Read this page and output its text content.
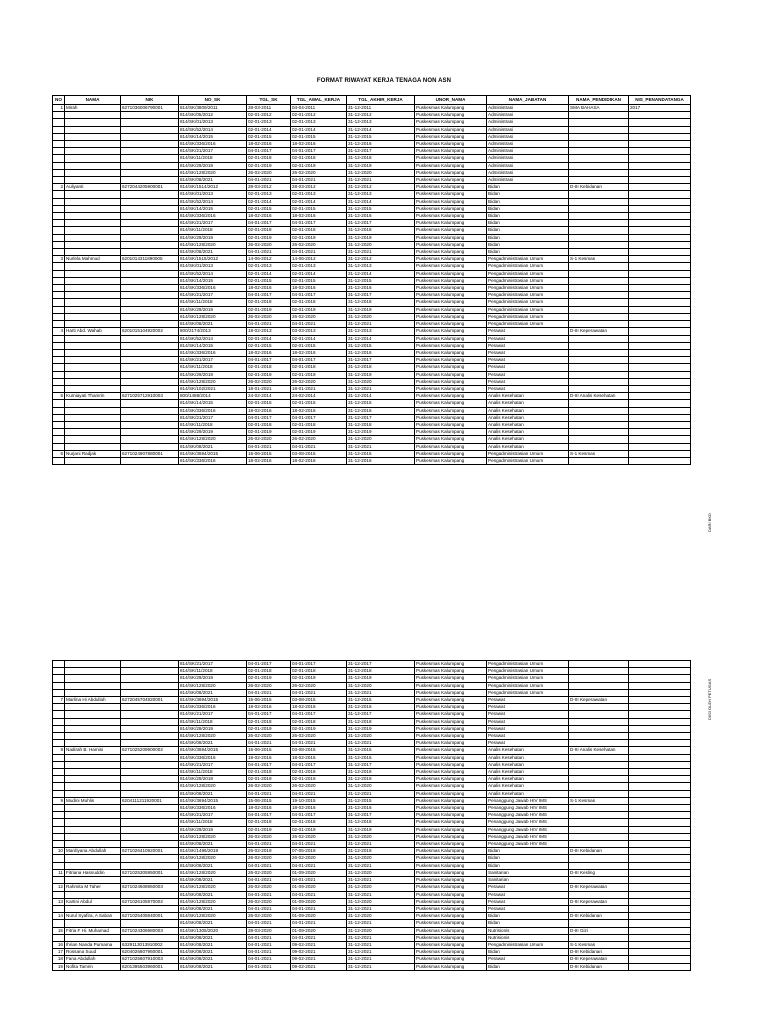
FORMAT RIWAYAT KERJA TENAGA NON ASN
NO	NAMA	NIK	NO_SK	TGL_SK	TGL_AWAL_KERJA	TGL_AKHIR_KERJA	UNOR_NAMA	NAMA_JABATAN	NAMA_PENDIDIKAN	NIS_PENANDATANGA
1	Mirah	6271036006790001	814/SK/3809/2011	28-03-2011	04-04-2011	31-12-2011	Puskesmas Kalumpang	Administrasi	SMA BAHASA	2017
			814/SK/05/2012	02-01-2012	02-01-2012	31-12-2012	Puskesmas Kalumpang	Administrasi		
			814/SK/01/2013	02-01-2013	02-01-2013	31-12-2013	Puskesmas Kalumpang	Administrasi		
			814/SK/52/2014	02-01-2014	02-01-2014	31-12-2014	Puskesmas Kalumpang	Administrasi		
			814/SK/14/2015	02-01-2015	02-01-2015	31-12-2015	Puskesmas Kalumpang	Administrasi		
			814/SK/336/2016	18-02-2016	18-02-2016	31-12-2016	Puskesmas Kalumpang	Administrasi		
			814/SK/21/2017	04-01-2017	04-01-2017	31-12-2017	Puskesmas Kalumpang	Administrasi		
			814/SK/11/2018	02-01-2018	02-01-2018	31-12-2018	Puskesmas Kalumpang	Administrasi		
			814/SK/29/2019	02-01-2019	02-01-2019	31-12-2019	Puskesmas Kalumpang	Administrasi		
			814/SK/128/2020	26-02-2020	26-02-2020	31-12-2020	Puskesmas Kalumpang	Administrasi		
			814/SK/08/2021	04-01-2021	04-01-2021	31-12-2021	Puskesmas Kalumpang	Administrasi		
2	Auliyanti	6272044205900001	814/SK/1514/2012	28-03-2012	28-03-2012	31-12-2012	Puskesmas Kalumpang	Bidan	D-III Kebidanan	
			814/SK/01/2013	02-01-2013	02-01-2013	31-12-2013	Puskesmas Kalumpang	Bidan		
			814/SK/52/2014	02-01-2014	02-01-2014	31-12-2014	Puskesmas Kalumpang	Bidan		
			814/SK/14/2015	02-01-2015	02-01-2015	31-12-2015	Puskesmas Kalumpang	Bidan		
			814/SK/336/2016	18-02-2016	18-02-2016	31-12-2016	Puskesmas Kalumpang	Bidan		
			814/SK/21/2017	04-01-2017	04-01-2017	31-12-2017	Puskesmas Kalumpang	Bidan		
			814/SK/11/2018	02-01-2018	02-01-2018	31-12-2018	Puskesmas Kalumpang	Bidan		
			814/SK/29/2019	02-01-2019	02-01-2019	31-12-2019	Puskesmas Kalumpang	Bidan		
			814/SK/128/2020	26-02-2020	26-02-2020	31-12-2020	Puskesmas Kalumpang	Bidan		
			814/SK/08/2021	04-01-2021	04-01-2021	31-12-2021	Puskesmas Kalumpang	Bidan		
3	Nurlela Mahmud	6201014311890005	814/SK/1515/2012	14-06-2012	14-06-2012	31-12-2012	Puskesmas Kalumpang	Pengadministrasian Umum	S-1 Kesmas	
			814/SK/01/2013	02-01-2013	02-01-2013	31-12-2013	Puskesmas Kalumpang	Pengadministrasian Umum		
			814/SK/52/2014	02-01-2014	02-01-2014	31-12-2014	Puskesmas Kalumpang	Pengadministrasian Umum		
			814/SK/14/2015	02-01-2015	02-01-2015	31-12-2015	Puskesmas Kalumpang	Pengadministrasian Umum		
			814/SK/336/2016	18-02-2016	18-02-2016	31-12-2016	Puskesmas Kalumpang	Pengadministrasian Umum		
			814/SK/21/2017	04-01-2017	04-01-2017	31-12-2017	Puskesmas Kalumpang	Pengadministrasian Umum		
			814/SK/11/2018	02-01-2018	02-01-2018	31-12-2018	Puskesmas Kalumpang	Pengadministrasian Umum		
			814/SK/29/2019	02-01-2019	02-01-2019	31-12-2019	Puskesmas Kalumpang	Pengadministrasian Umum		
			814/SK/128/2020	26-02-2020	26-02-2020	31-12-2020	Puskesmas Kalumpang	Pengadministrasian Umum		
			814/SK/08/2021	04-01-2021	04-01-2021	31-12-2021	Puskesmas Kalumpang	Pengadministrasian Umum		
4	Harti Abd. Wahab	6201015104920002	800/2174/2013	18-02-2013	03-03-2013	31-12-2013	Puskesmas Kalumpang	Perawat	D-III Keperawatan	
			814/SK/52/2014	02-01-2014	02-01-2014	31-12-2014	Puskesmas Kalumpang	Perawat		
			814/SK/14/2015	02-01-2015	02-01-2015	31-12-2015	Puskesmas Kalumpang	Perawat		
			814/SK/336/2016	18-02-2016	18-02-2016	31-12-2016	Puskesmas Kalumpang	Perawat		
			814/SK/21/2017	04-01-2017	04-01-2017	31-12-2017	Puskesmas Kalumpang	Perawat		
			814/SK/11/2018	02-01-2018	02-01-2018	31-12-2018	Puskesmas Kalumpang	Perawat		
			814/SK/29/2019	02-01-2019	02-01-2019	31-12-2019	Puskesmas Kalumpang	Perawat		
			814/SK/128/2020	26-02-2020	26-02-2020	31-12-2020	Puskesmas Kalumpang	Perawat		
			814/SK/102/2021	18-01-2021	18-01-2021	31-12-2021	Puskesmas Kalumpang	Perawat		
5	Kurniayati Thamrin	6271025712910003	800/1488/2014	24-02-2014	24-02-2014	31-12-2014	Puskesmas Kalumpang	Analis Kesehatan	D-III Analis Kesehatan	
			814/SK/14/2015	02-01-2015	02-01-2015	31-12-2015	Puskesmas Kalumpang	Analis Kesehatan		
			814/SK/336/2016	18-02-2016	18-02-2016	31-12-2016	Puskesmas Kalumpang	Analis Kesehatan		
			814/SK/21/2017	04-01-2017	04-01-2017	31-12-2017	Puskesmas Kalumpang	Analis Kesehatan		
			814/SK/11/2018	02-01-2018	02-01-2018	31-12-2018	Puskesmas Kalumpang	Analis Kesehatan		
			814/SK/29/2019	02-01-2019	02-01-2019	31-12-2019	Puskesmas Kalumpang	Analis Kesehatan		
			814/SK/128/2020	26-02-2020	26-02-2020	31-12-2020	Puskesmas Kalumpang	Analis Kesehatan		
			814/SK/08/2021	04-01-2021	04-01-2021	31-12-2021	Puskesmas Kalumpang	Analis Kesehatan		
6	Nurjani Radjak	6271024907880001	814/SK/3694/2015	15-06-2015	03-08-2015	31-12-2015	Puskesmas Kalumpang	Pengadministrasian Umum	S-1 Kesmas	
			814/SK/336/2016	18-02-2016	18-02-2016	31-12-2016	Puskesmas Kalumpang	Pengadministrasian Umum		
			814/SK/21/2017	04-01-2017	04-01-2017	31-12-2017	Puskesmas Kalumpang	Pengadministrasian Umum		
			814/SK/11/2018	02-01-2018	02-01-2018	31-12-2018	Puskesmas Kalumpang	Pengadministrasian Umum		
			814/SK/29/2019	02-01-2019	02-01-2019	31-12-2019	Puskesmas Kalumpang	Pengadministrasian Umum		
			814/SK/128/2020	26-02-2020	26-02-2020	31-12-2020	Puskesmas Kalumpang	Pengadministrasian Umum		
			814/SK/08/2021	04-01-2021	04-01-2021	31-12-2021	Puskesmas Kalumpang	Pengadministrasian Umum		
7	Marlina Hi Abdullah	6272045704920001	814/SK/3694/2015	15-06-2015	03-08-2015	31-12-2015	Puskesmas Kalumpang	Perawat	D-III Keperawatan	
			814/SK/336/2016	18-02-2016	18-02-2016	31-12-2016	Puskesmas Kalumpang	Perawat		
			814/SK/21/2017	04-01-2017	04-01-2017	31-12-2017	Puskesmas Kalumpang	Perawat		
			814/SK/11/2018	02-01-2018	02-01-2018	31-12-2018	Puskesmas Kalumpang	Perawat		
			814/SK/29/2019	02-01-2019	02-01-2019	31-12-2019	Puskesmas Kalumpang	Perawat		
			814/SK/128/2020	26-02-2020	26-02-2020	31-12-2020	Puskesmas Kalumpang	Perawat		
			814/SK/08/2021	04-01-2021	04-01-2021	31-12-2021	Puskesmas Kalumpang	Perawat		
8	Nadirah B. Hamisi	6271025209900002	814/SK/3694/2015	15-06-2015	03-08-2015	31-12-2015	Puskesmas Kalumpang	Analis Kesehatan	D-III Analis Kesehatan	
			814/SK/336/2016	18-02-2016	18-02-2016	31-12-2016	Puskesmas Kalumpang	Analis Kesehatan		
			814/SK/21/2017	04-01-2017	04-01-2017	31-12-2017	Puskesmas Kalumpang	Analis Kesehatan		
			814/SK/11/2018	02-01-2018	02-01-2018	31-12-2018	Puskesmas Kalumpang	Analis Kesehatan		
			814/SK/29/2019	02-01-2019	02-01-2019	31-12-2019	Puskesmas Kalumpang	Analis Kesehatan		
			814/SK/128/2020	26-02-2020	26-02-2020	31-12-2020	Puskesmas Kalumpang	Analis Kesehatan		
			814/SK/08/2021	04-01-2021	04-01-2021	31-12-2021	Puskesmas Kalumpang	Analis Kesehatan		
9	Mudini Muhlis	6204111211920001	814/SK/3694/2015	15-06-2015	19-10-2015	31-12-2015	Puskesmas Kalumpang	Penanggung Jawab HIV IMS	S-1 Kesmas	
			814/SK/336/2016	18-02-2016	18-02-2016	31-12-2016	Puskesmas Kalumpang	Penanggung Jawab HIV IMS		
			814/SK/21/2017	04-01-2017	04-01-2017	31-12-2017	Puskesmas Kalumpang	Penanggung Jawab HIV IMS		
			814/SK/11/2018	02-01-2018	02-01-2018	31-12-2018	Puskesmas Kalumpang	Penanggung Jawab HIV IMS		
			814/SK/29/2019	02-01-2019	02-01-2019	31-12-2019	Puskesmas Kalumpang	Penanggung Jawab HIV IMS		
			814/SK/128/2020	26-02-2020	26-02-2020	31-12-2020	Puskesmas Kalumpang	Penanggung Jawab HIV IMS		
			814/SK/08/2021	04-01-2021	04-01-2021	31-12-2021	Puskesmas Kalumpang	Penanggung Jawab HIV IMS		
10	Mardiyana Abdullah	6271026410920001	814/SK/1496/2019	26-02-2019	07-05-2019	31-12-2019	Puskesmas Kalumpang	Bidan	D-III Kebidanan	
			814/SK/128/2020	26-02-2020	26-02-2020	31-12-2020	Puskesmas Kalumpang	Bidan		
			814/SK/08/2021	04-01-2021	04-01-2021	31-12-2021	Puskesmas Kalumpang	Bidan		
11	Fitriana Hasnuddin	6271025305950001	814/SK/128/2020	26-02-2020	01-09-2020	31-12-2020	Puskesmas Kalumpang	Sanitarian	D-III Kesling	
			814/SK/08/2021	04-01-2021	04-01-2021	31-12-2021	Puskesmas Kalumpang	Sanitarian		
12	Rahmita M Taher	6271024608950003	814/SK/128/2020	26-02-2020	01-09-2020	31-12-2020	Puskesmas Kalumpang	Perawat	D-III Keperawatan	
			814/SK/08/2021	04-01-2021	04-01-2021	31-12-2021	Puskesmas Kalumpang	Perawat		
13	Kartini Abdul	6271026105970002	814/SK/128/2020	26-02-2020	01-09-2020	31-12-2020	Puskesmas Kalumpang	Perawat	D-III Keperawatan	
			814/SK/08/2021	04-01-2021	04-01-2021	31-12-2021	Puskesmas Kalumpang	Perawat		
14	Nurul Syafira, A Saban	6271025405940001	814/SK/128/2020	26-02-2020	01-09-2020	31-12-2020	Puskesmas Kalumpang	Bidan	D-III Kebidanan	
			814/SK/08/2021	04-01-2021	04-01-2021	31-12-2021	Puskesmas Kalumpang	Bidan		
15	Fitria F Hi. Muhamad	6271024306980003	814/SK/1305/2020	28-03-2020	01-09-2020	31-12-2020	Puskesmas Kalumpang	Nutrisionis	D-III Gizi	
			814/SK/08/2021	04-01-2021	04-01-2021	31-12-2021	Puskesmas Kalumpang	Nutrisionis		
16	Ihrian Nanda Purnama	6329113013910002	814/SK/08/2021	04-01-2021	09-02-2021	31-12-2021	Puskesmas Kalumpang	Pengadministrasian Umum	S-1 Kesmas	
17	Rossana Suud	6204026807960001	814/SK/08/2021	04-01-2021	09-02-2021	31-12-2021	Puskesmas Kalumpang	Bidan	D-III Kebidanan	
18	Fana Abdullah	6271025607910003	814/SK/08/2021	04-01-2021	09-02-2021	31-12-2021	Puskesmas Kalumpang	Perawat	D-III Keperawatan	
19	Nofita Tamrin	6201395503960001	814/SK/08/2021	04-01-2021	09-02-2021	31-12-2021	Puskesmas Kalumpang	Bidan	D-III Kebidanan	
DARI BKD
DIISI OLEH PETUGAS
